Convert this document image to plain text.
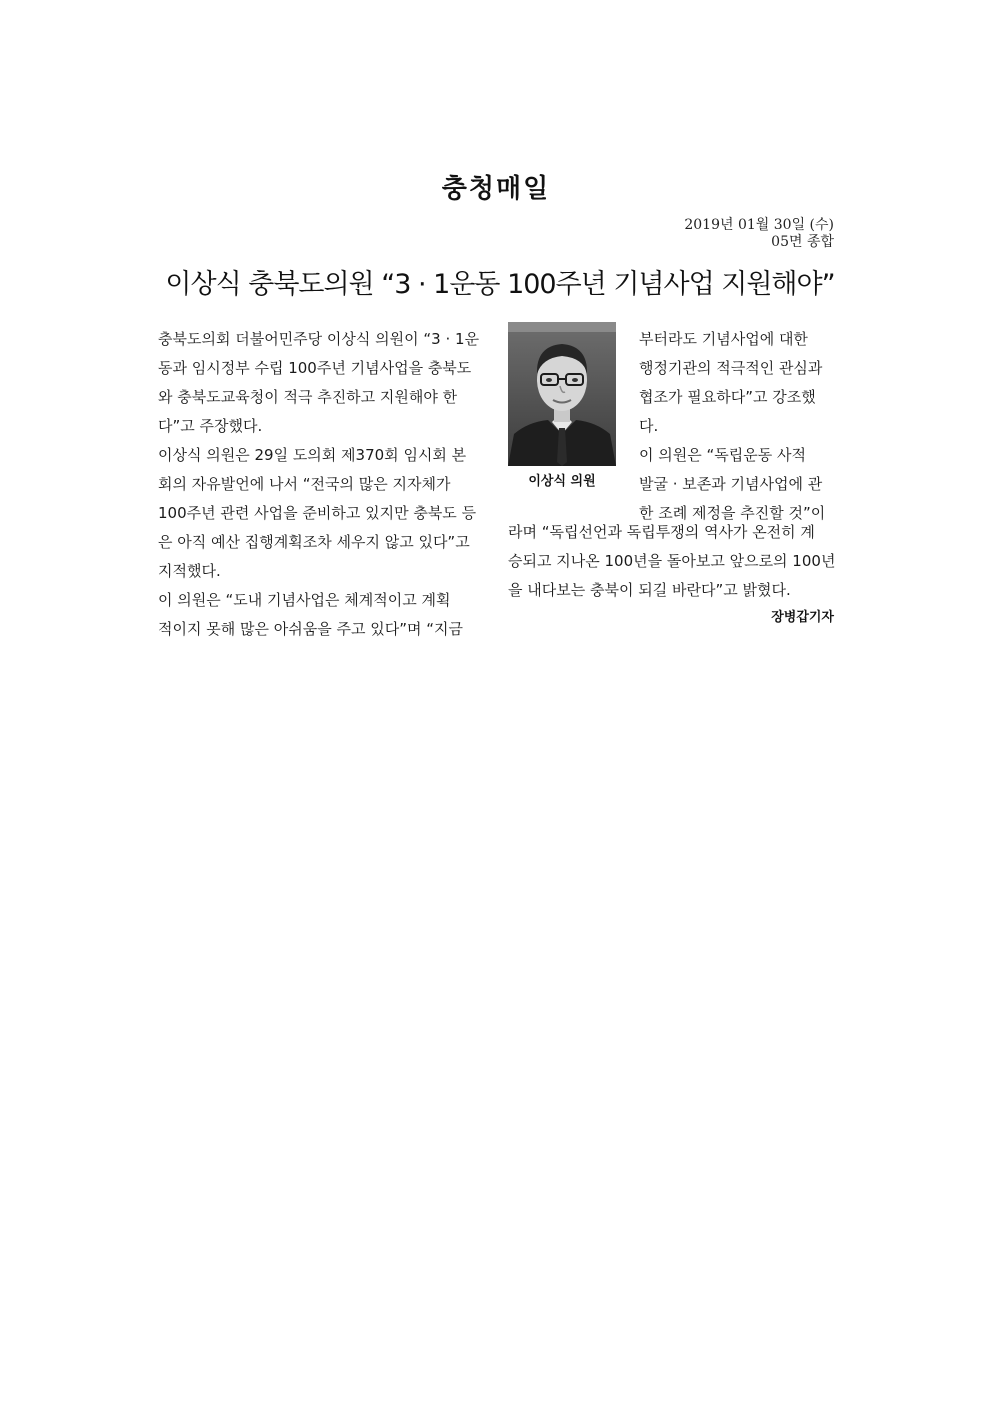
충청매일
2019년 01월 30일 (수)
05면 종합
이상식 충북도의원 “3 · 1운동 100주년 기념사업 지원해야”
충북도의회 더불어민주당 이상식 의원이 “3 · 1운
동과 임시정부 수립 100주년 기념사업을 충북도
와 충북도교육청이 적극 추진하고 지원해야 한
다”고 주장했다.
이상식 의원은 29일 도의회 제370회 임시회 본
회의 자유발언에 나서 “전국의 많은 지자체가
100주년 관련 사업을 준비하고 있지만 충북도 등
은 아직 예산 집행계획조차 세우지 않고 있다”고
지적했다.
이 의원은 “도내 기념사업은 체계적이고 계획
적이지 못해 많은 아쉬움을 주고 있다”며 “지금
이상식 의원
부터라도 기념사업에 대한
행정기관의 적극적인 관심과
협조가 필요하다”고 강조했
다.
이 의원은 “독립운동 사적
발굴 · 보존과 기념사업에 관
한 조례 제정을 추진할 것”이
라며 “독립선언과 독립투쟁의 역사가 온전히 계
승되고 지나온 100년을 돌아보고 앞으로의 100년
을 내다보는 충북이 되길 바란다”고 밝혔다.
장병갑기자
